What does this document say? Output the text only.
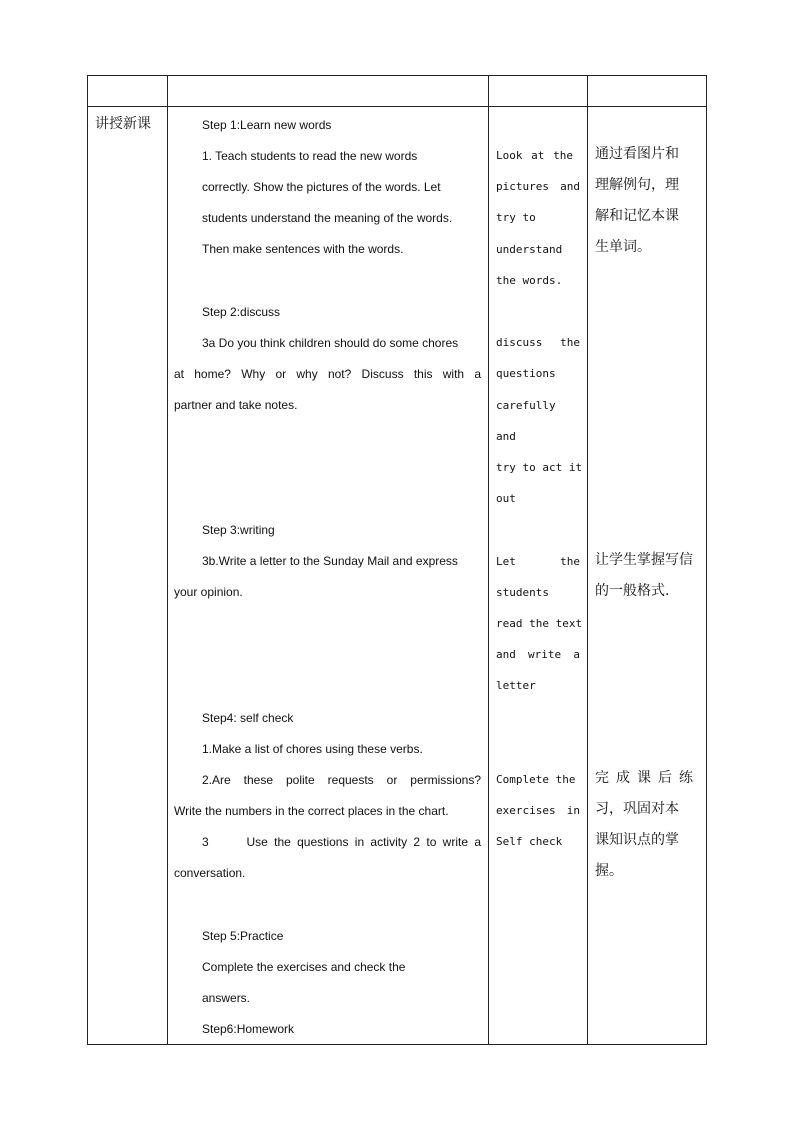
讲授新课	Step 1:Learn new words
1. Teach students to read the new words
correctly. Show the pictures of the words. Let
students understand the meaning of the words.
Then make sentences with the words.
Step 2:discuss
3a Do you think children should do some chores
at home? Why or why not? Discuss this with a
partner and take notes.
Step 3:writing
3b.Write a letter to the Sunday Mail and express
your opinion.
Step4: self check
1.Make a list of chores using these verbs.
2.Are these polite requests or permissions?
Write the numbers in the correct places in the chart.
3      Use the questions in activity 2 to write a
conversation.
Step 5:Practice
Complete the exercises and check the
answers.
Step6:Homework
Look at the
pictures and
try to
understand
the words.
discuss the
questions
carefully
and
try to act it
out
Let the
students
read the text
and write a
letter
Complete the
exercises in
Self check
通过看图片和
理解例句，理
解和记忆本课
生单词。
让学生掌握写信
的一般格式.
完成课后练
习，巩固对本
课知识点的掌
握。
